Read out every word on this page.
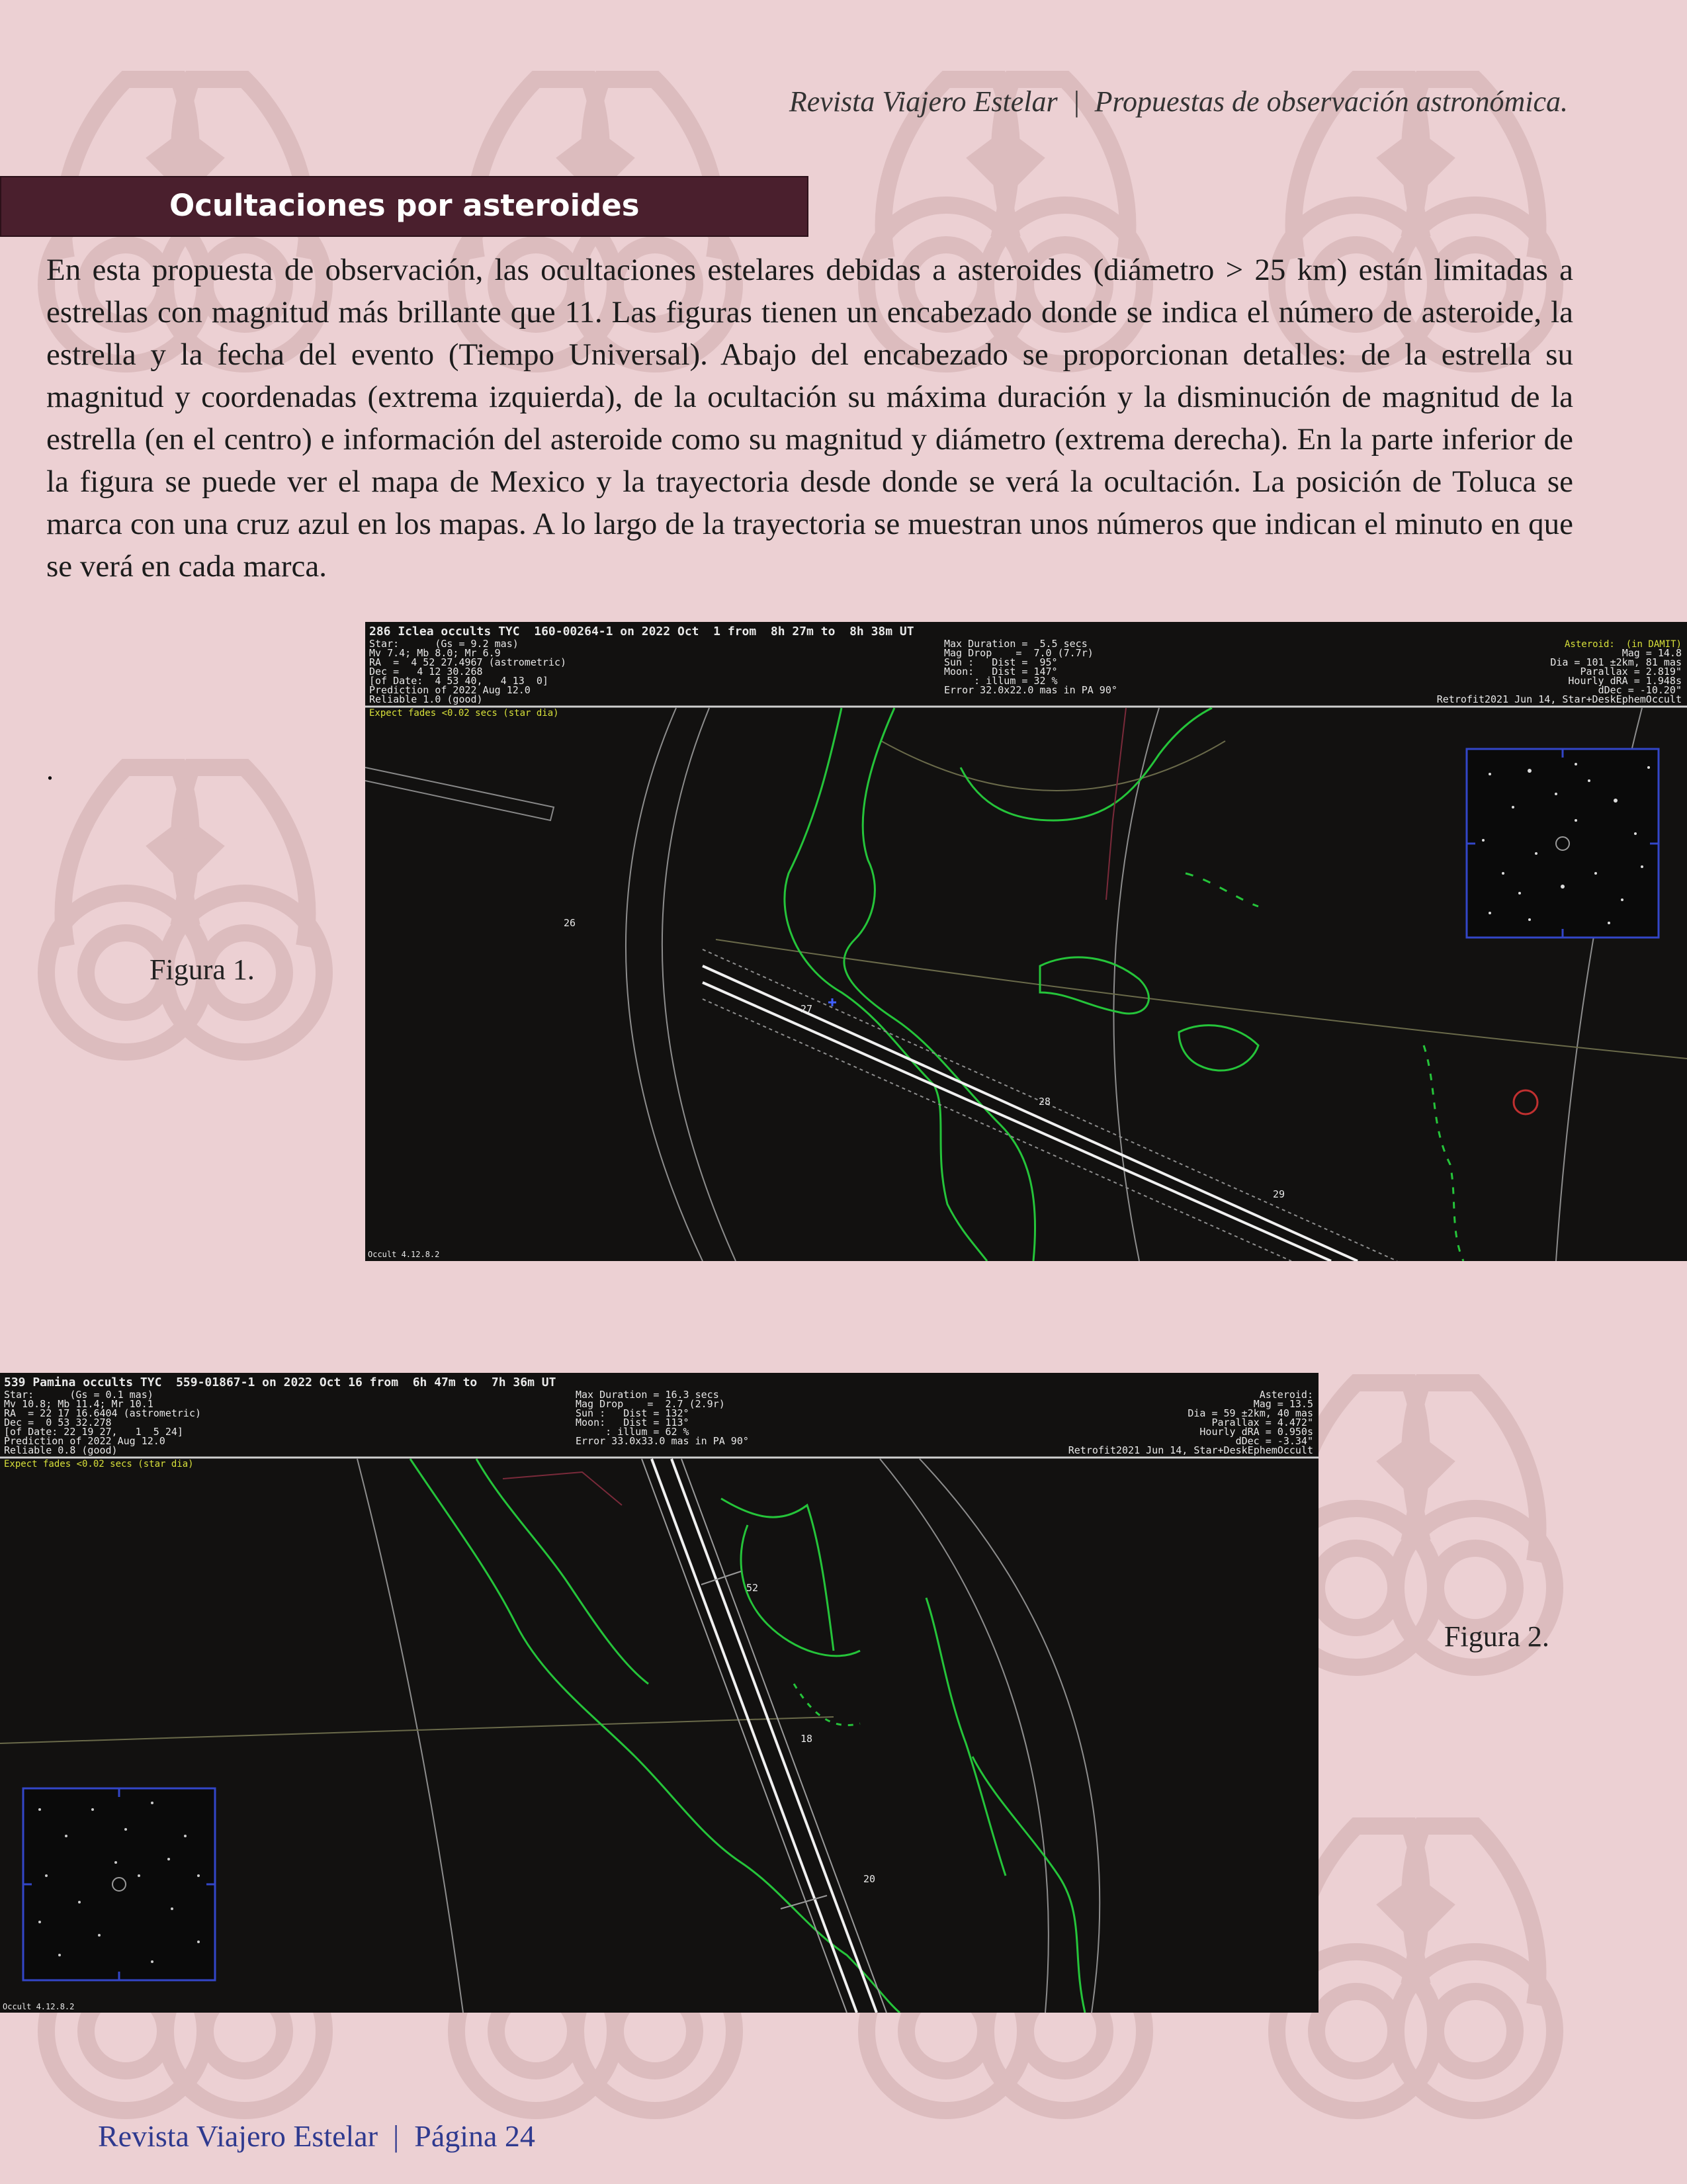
Revista Viajero Estelar  |  Propuestas de observación astronómica.
Ocultaciones por asteroides

En esta propuesta de observación, las ocultaciones estelares debidas a asteroides (diámetro > 25 km) están limitadas a estrellas con magnitud más brillante que 11. Las figuras tienen un encabezado donde se indica el número de asteroide, la estrella y la fecha del evento (Tiempo Universal). Abajo del encabezado se proporcionan detalles: de la estrella su magnitud y coordenadas (extrema izquierda), de la ocultación su máxima duración y la disminución de magnitud de la estrella (en el centro) e información del asteroide como su magnitud y diámetro (extrema derecha). En la parte inferior de la figura se puede ver el mapa de Mexico y la trayectoria desde donde se verá la ocultación. La posición de Toluca se marca con una cruz azul en los mapas. A lo largo de la trayectoria se muestran unos números que indican el minuto en que se verá en cada marca.

.
Figura 1.
286 Iclea occults TYC  160-00264-1 on 2022 Oct  1 from  8h 27m to  8h 38m UT
Star:      (Gs = 9.2 mas)
Mv 7.4; Mb 8.0; Mr 6.9
RA  =  4 52 27.4967 (astrometric)
Dec =   4 12 30.268
[of Date:  4 53 40,   4 13  0]
Prediction of 2022 Aug 12.0
Reliable 1.0 (good)
Max Duration =  5.5 secs
Mag Drop    =  7.0 (7.7r)
Sun :   Dist =  95°
Moon:   Dist = 147°
: illum = 32 %
Error 32.0x22.0 mas in PA 90°
Asteroid:  (in DAMIT)
Mag = 14.8
Dia = 101 ±2km, 81 mas
Parallax = 2.819"
Hourly dRA = 1.948s
dDec = -10.20"
Retrofit2021 Jun 14, Star+DeskEphemOccult
Expect fades <0.02 secs (star dia)
26
27
28
29
Occult 4.12.8.2
539 Pamina occults TYC  559-01867-1 on 2022 Oct 16 from  6h 47m to  7h 36m UT
Star:      (Gs = 0.1 mas)
Mv 10.8; Mb 11.4; Mr 10.1
RA  = 22 17 16.6404 (astrometric)
Dec =  0 53 32.278
[of Date: 22 19 27,   1  5 24]
Prediction of 2022 Aug 12.0
Reliable 0.8 (good)
Max Duration = 16.3 secs
Mag Drop    =  2.7 (2.9r)
Sun :   Dist = 132°
Moon:   Dist = 113°
: illum = 62 %
Error 33.0x33.0 mas in PA 90°
Asteroid:
Mag = 13.5
Dia = 59 ±2km, 40 mas
Parallax = 4.472"
Hourly dRA = 0.950s
dDec = -3.34"
Retrofit2021 Jun 14, Star+DeskEphemOccult
Expect fades <0.02 secs (star dia)
52
18
20
Occult 4.12.8.2
Figura 2.
Revista Viajero Estelar  |  Página 24
